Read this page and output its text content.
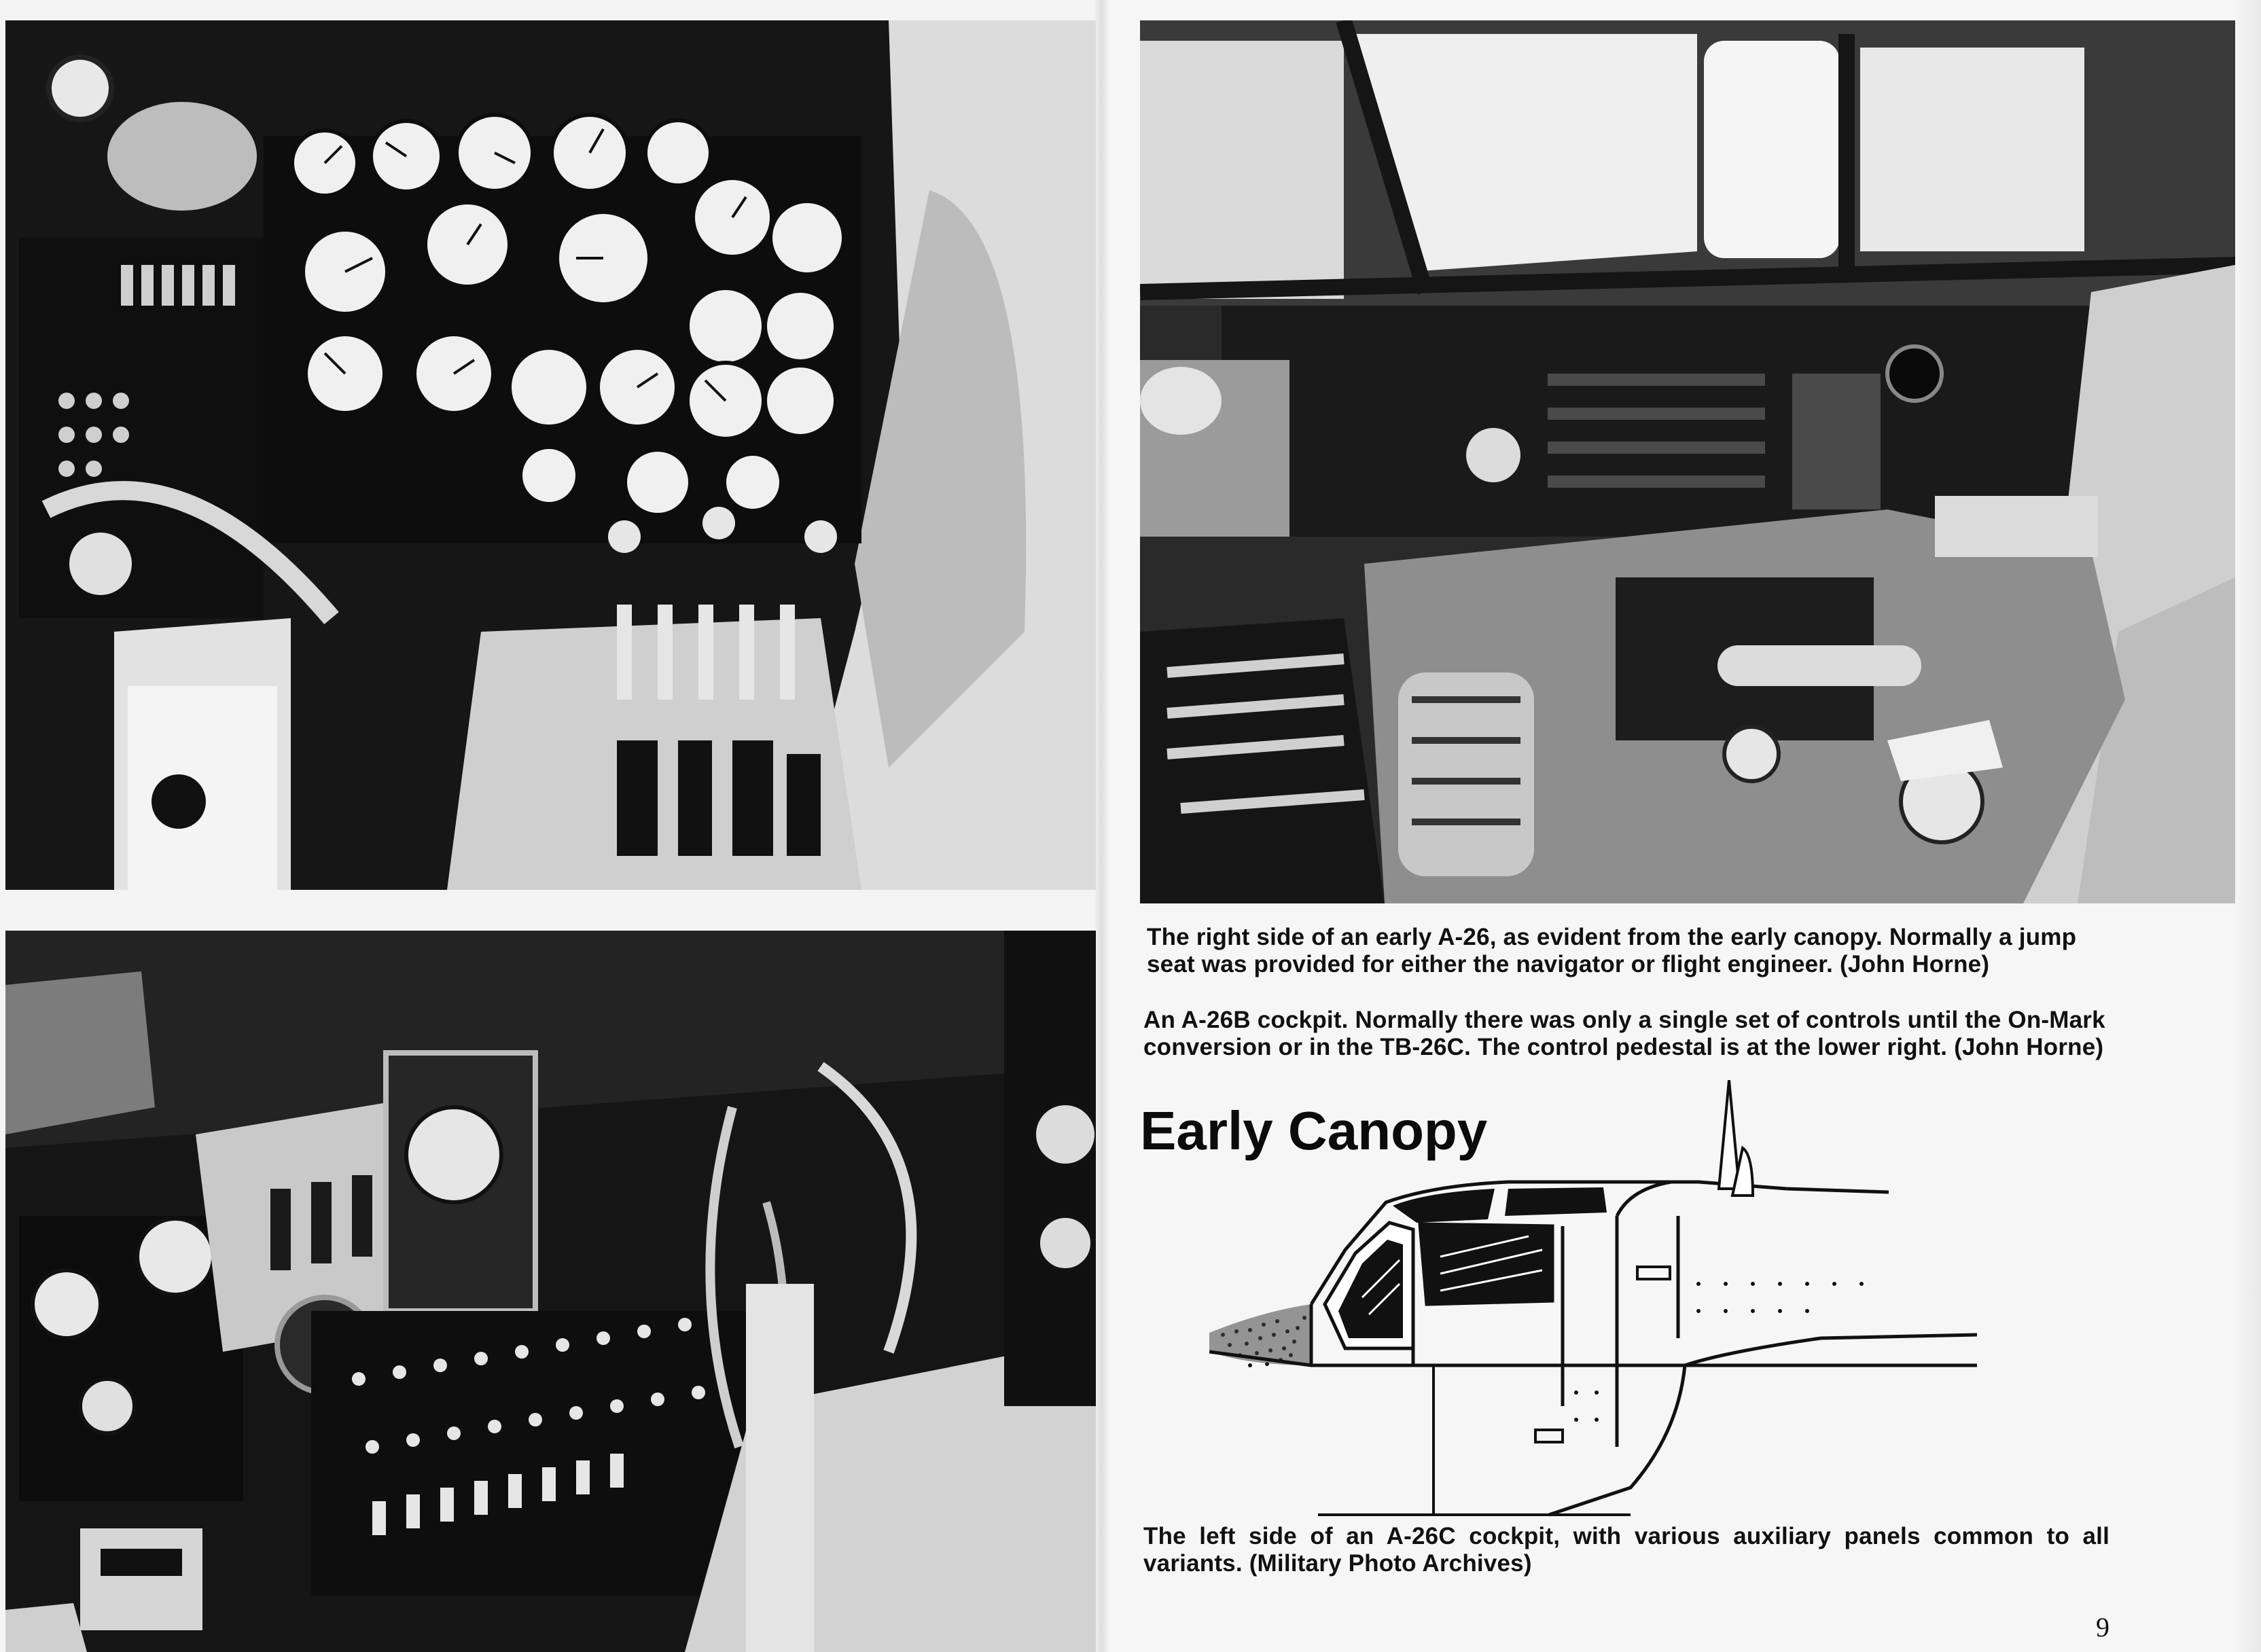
The right side of an early A-26, as evident from the early canopy. Normally a jump seat was provided for either the navigator or flight engineer. (John Horne)
An A-26B cockpit. Normally there was only a single set of controls until the On-Mark conversion or in the TB-26C. The control pedestal is at the lower right. (John Horne)
Early Canopy
The left side of an A-26C cockpit, with various auxiliary panels common to all variants. (Military Photo Archives)
9
